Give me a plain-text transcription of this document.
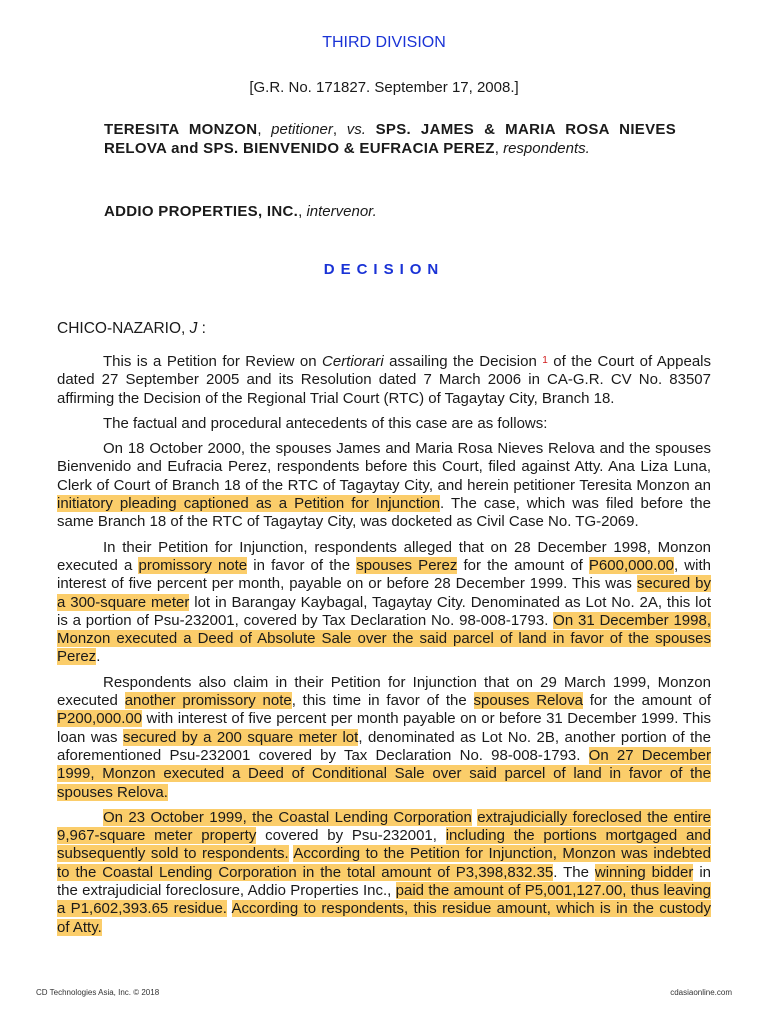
THIRD DIVISION
[G.R. No. 171827. September 17, 2008.]
TERESITA MONZON, petitioner, vs. SPS. JAMES & MARIA ROSA NIEVES RELOVA and SPS. BIENVENIDO & EUFRACIA PEREZ, respondents.
ADDIO PROPERTIES, INC., intervenor.
DECISION
CHICO-NAZARIO, J :

This is a Petition for Review on Certiorari assailing the Decision $^1$ of the Court of Appeals dated 27 September 2005 and its Resolution dated 7 March 2006 in CA-G.R. CV No. 83507 affirming the Decision of the Regional Trial Court (RTC) of Tagaytay City, Branch 18.

The factual and procedural antecedents of this case are as follows:

On 18 October 2000, the spouses James and Maria Rosa Nieves Relova and the spouses Bienvenido and Eufracia Perez, respondents before this Court, filed against Atty. Ana Liza Luna, Clerk of Court of Branch 18 of the RTC of Tagaytay City, and herein petitioner Teresita Monzon an initiatory pleading captioned as a Petition for Injunction. The case, which was filed before the same Branch 18 of the RTC of Tagaytay City, was docketed as Civil Case No. TG-2069.

In their Petition for Injunction, respondents alleged that on 28 December 1998, Monzon executed a promissory note in favor of the spouses Perez for the amount of P600,000.00, with interest of five percent per month, payable on or before 28 December 1999. This was secured by a 300-square meter lot in Barangay Kaybagal, Tagaytay City. Denominated as Lot No. 2A, this lot is a portion of Psu-232001, covered by Tax Declaration No. 98-008-1793. On 31 December 1998, Monzon executed a Deed of Absolute Sale over the said parcel of land in favor of the spouses Perez.

Respondents also claim in their Petition for Injunction that on 29 March 1999, Monzon executed another promissory note, this time in favor of the spouses Relova for the amount of P200,000.00 with interest of five percent per month payable on or before 31 December 1999. This loan was secured by a 200 square meter lot, denominated as Lot No. 2B, another portion of the aforementioned Psu-232001 covered by Tax Declaration No. 98-008-1793. On 27 December 1999, Monzon executed a Deed of Conditional Sale over said parcel of land in favor of the spouses Relova.

On 23 October 1999, the Coastal Lending Corporation extrajudicially foreclosed the entire 9,967-square meter property covered by Psu-232001, including the portions mortgaged and subsequently sold to respondents. According to the Petition for Injunction, Monzon was indebted to the Coastal Lending Corporation in the total amount of P3,398,832.35. The winning bidder in the extrajudicial foreclosure, Addio Properties Inc., paid the amount of P5,001,127.00, thus leaving a P1,602,393.65 residue. According to respondents, this residue amount, which is in the custody of Atty.

CD Technologies Asia, Inc. © 2018	cdasiaonline.com
